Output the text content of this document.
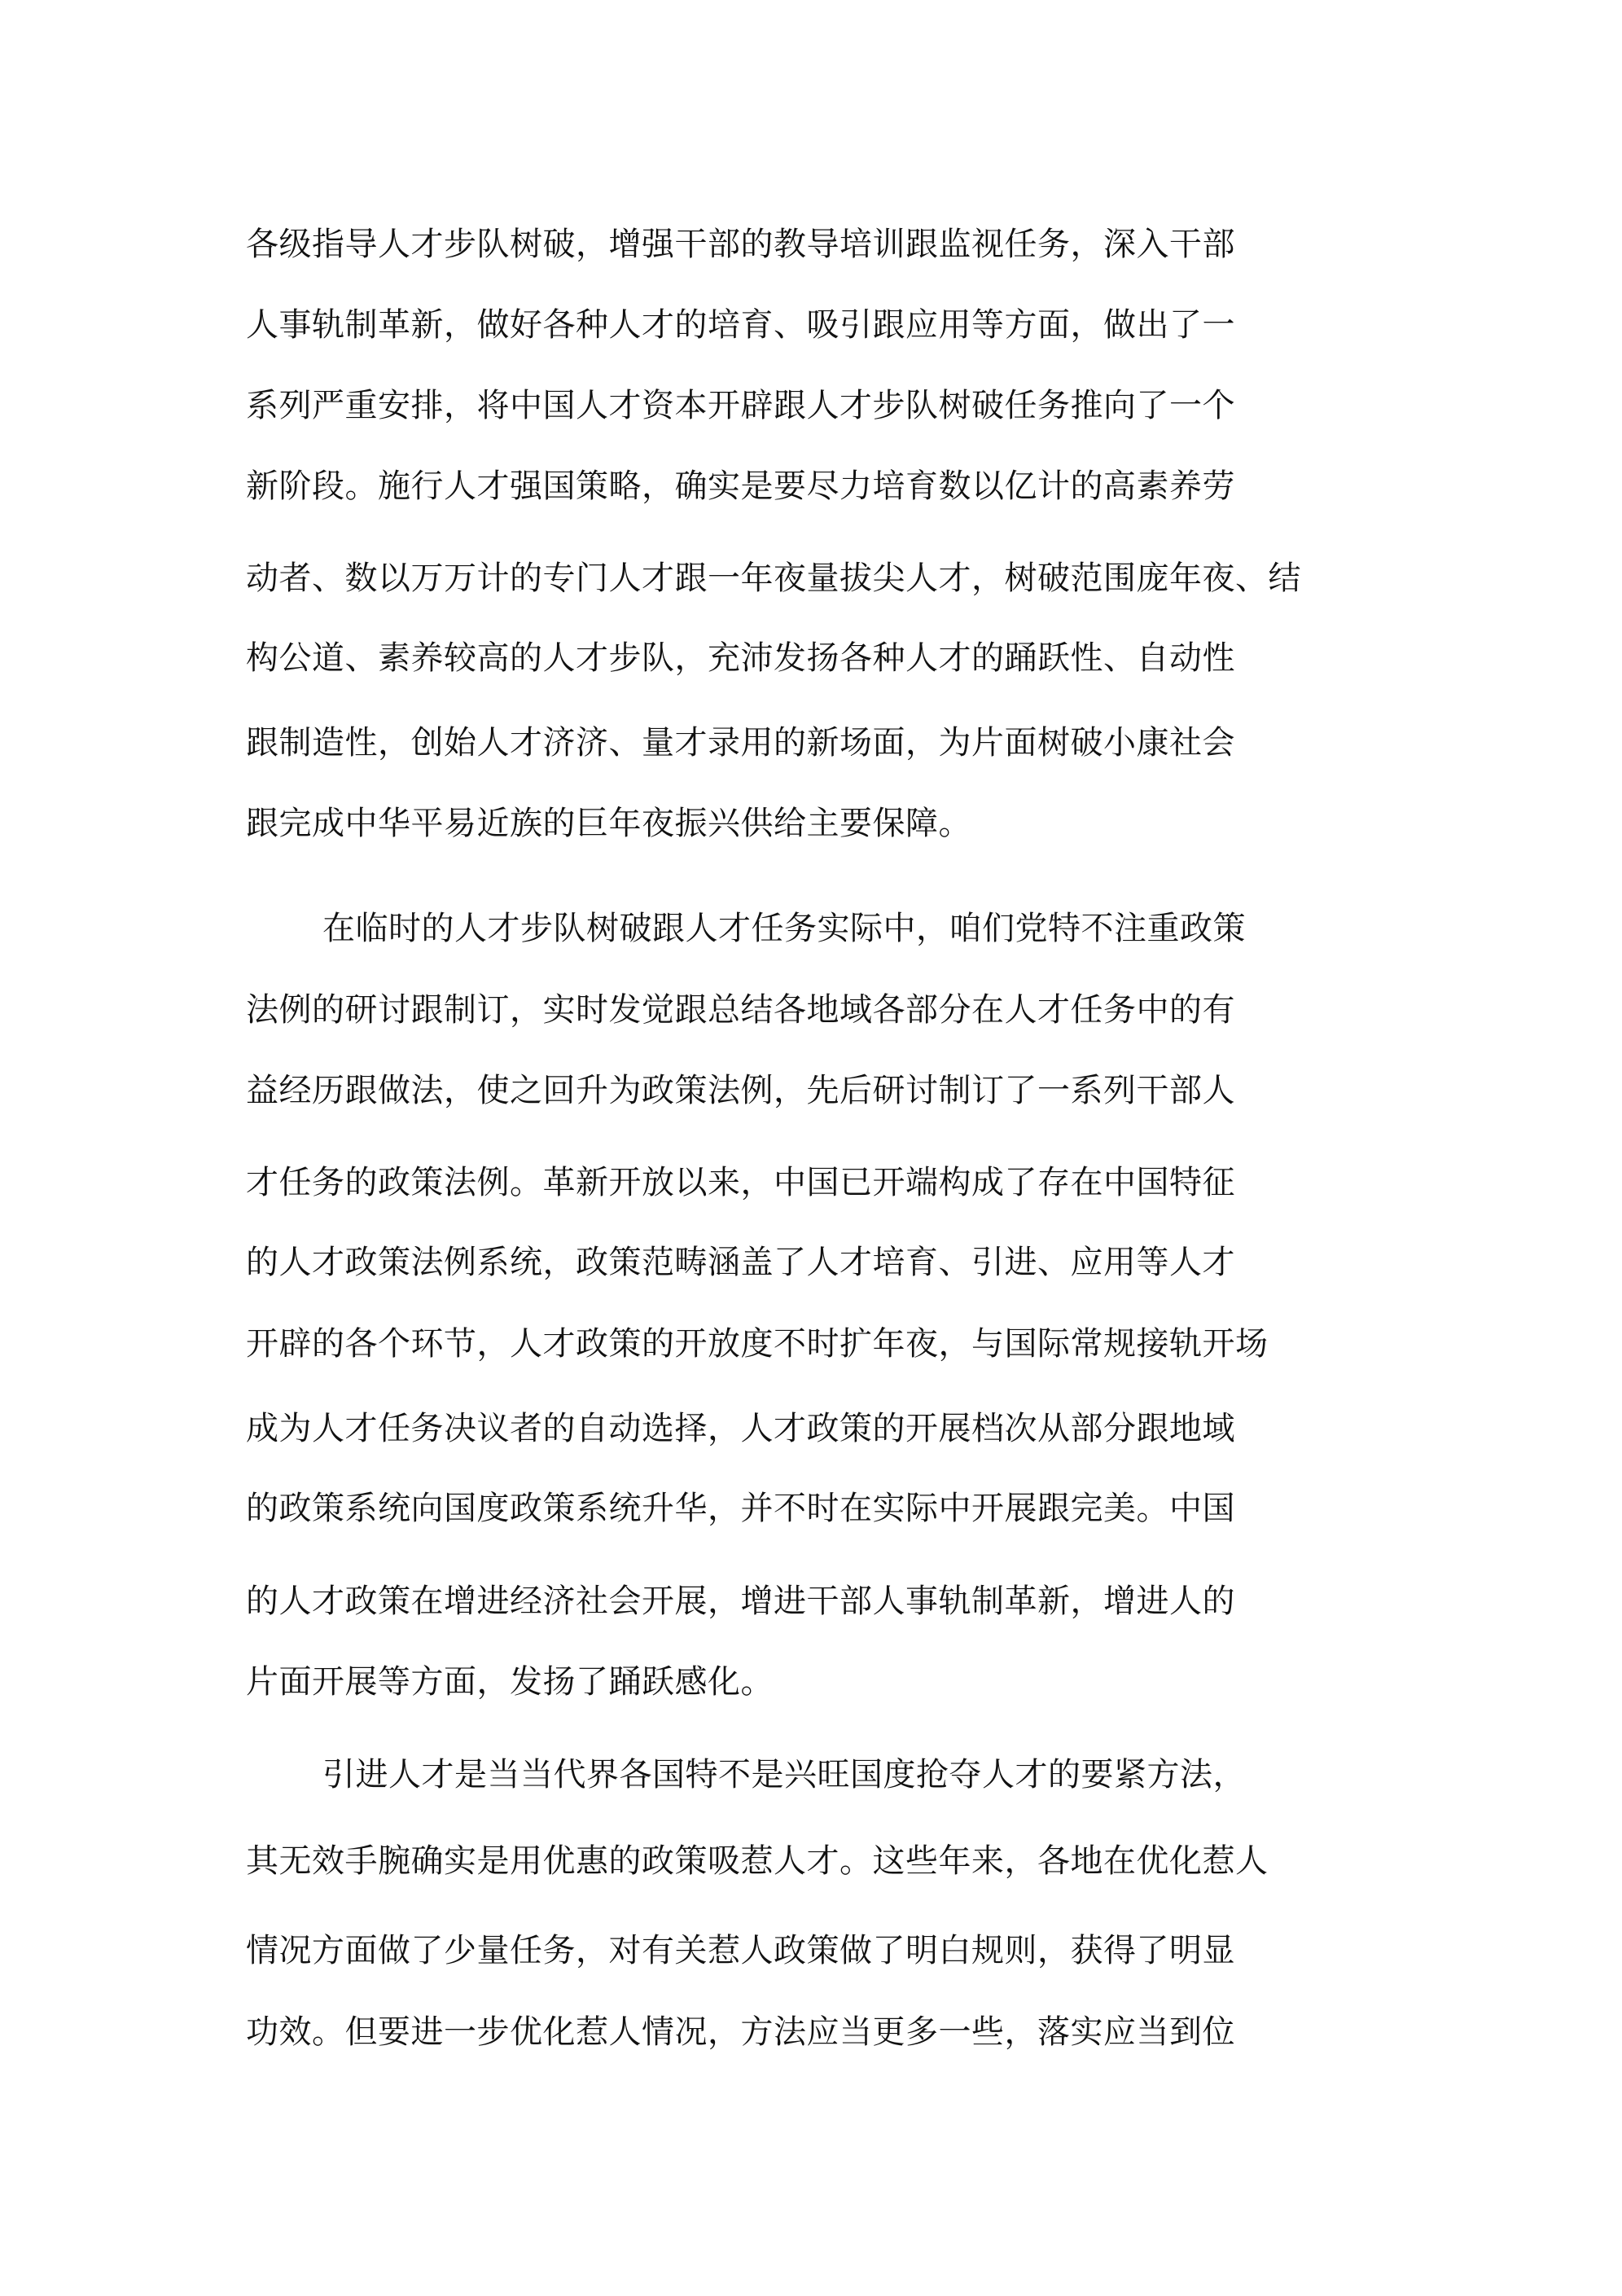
各级指导人才步队树破，增强干部的教导培训跟监视任务，深入干部
人事轨制革新，做好各种人才的培育、吸引跟应用等方面，做出了一
系列严重安排，将中国人才资本开辟跟人才步队树破任务推向了一个
新阶段。施行人才强国策略，确实是要尽力培育数以亿计的高素养劳
动者、数以万万计的专门人才跟一年夜量拔尖人才，树破范围庞年夜、结
构公道、素养较高的人才步队，充沛发扬各种人才的踊跃性、自动性
跟制造性，创始人才济济、量才录用的新场面，为片面树破小康社会
跟完成中华平易近族的巨年夜振兴供给主要保障。
在临时的人才步队树破跟人才任务实际中，咱们党特不注重政策
法例的研讨跟制订，实时发觉跟总结各地域各部分在人才任务中的有
益经历跟做法，使之回升为政策法例，先后研讨制订了一系列干部人
才任务的政策法例。革新开放以来，中国已开端构成了存在中国特征
的人才政策法例系统，政策范畴涵盖了人才培育、引进、应用等人才
开辟的各个环节，人才政策的开放度不时扩年夜，与国际常规接轨开场
成为人才任务决议者的自动选择，人才政策的开展档次从部分跟地域
的政策系统向国度政策系统升华，并不时在实际中开展跟完美。中国
的人才政策在增进经济社会开展，增进干部人事轨制革新，增进人的
片面开展等方面，发扬了踊跃感化。
引进人才是当当代界各国特不是兴旺国度抢夺人才的要紧方法，
其无效手腕确实是用优惠的政策吸惹人才。这些年来，各地在优化惹人
情况方面做了少量任务，对有关惹人政策做了明白规则，获得了明显
功效。但要进一步优化惹人情况，方法应当更多一些，落实应当到位
